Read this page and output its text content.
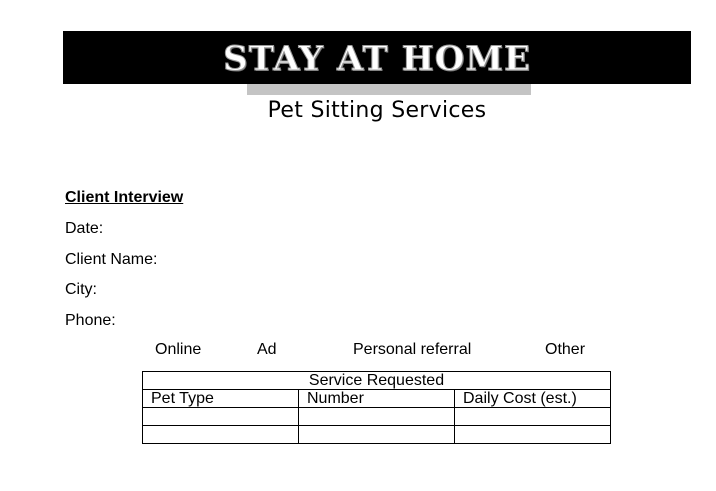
STAY AT HOME
Pet Sitting Services
Client Interview
Date:
Client Name:
City:
Phone:
Online	Ad	Personal referral	Other
Service Requested		
Pet Type	Number	Daily Cost (est.)
